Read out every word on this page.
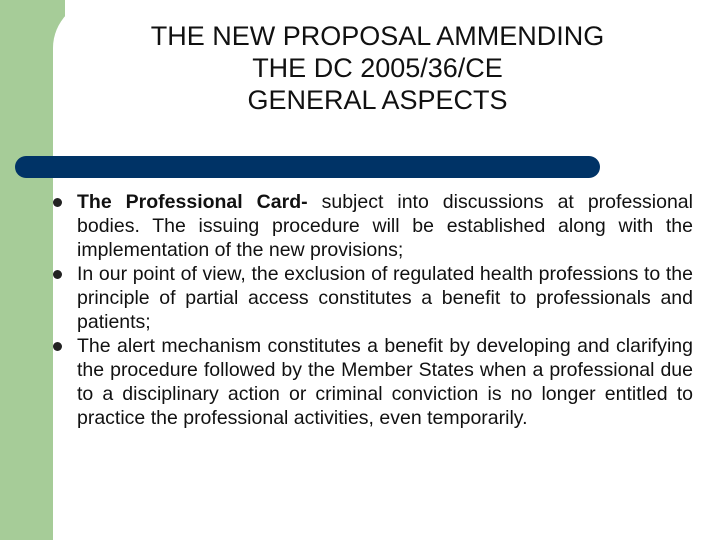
THE NEW PROPOSAL AMMENDING
THE DC 2005/36/CE
GENERAL ASPECTS
The Professional Card- subject into discussions at professional bodies. The issuing procedure will be established along with the implementation of the new provisions;
In our point of view, the exclusion of regulated health professions to the principle of partial access constitutes a benefit to professionals and patients;
The alert mechanism constitutes a benefit by developing and clarifying the procedure followed by the Member States when a professional due to a disciplinary action or criminal conviction is no longer entitled to practice the professional activities, even temporarily.
